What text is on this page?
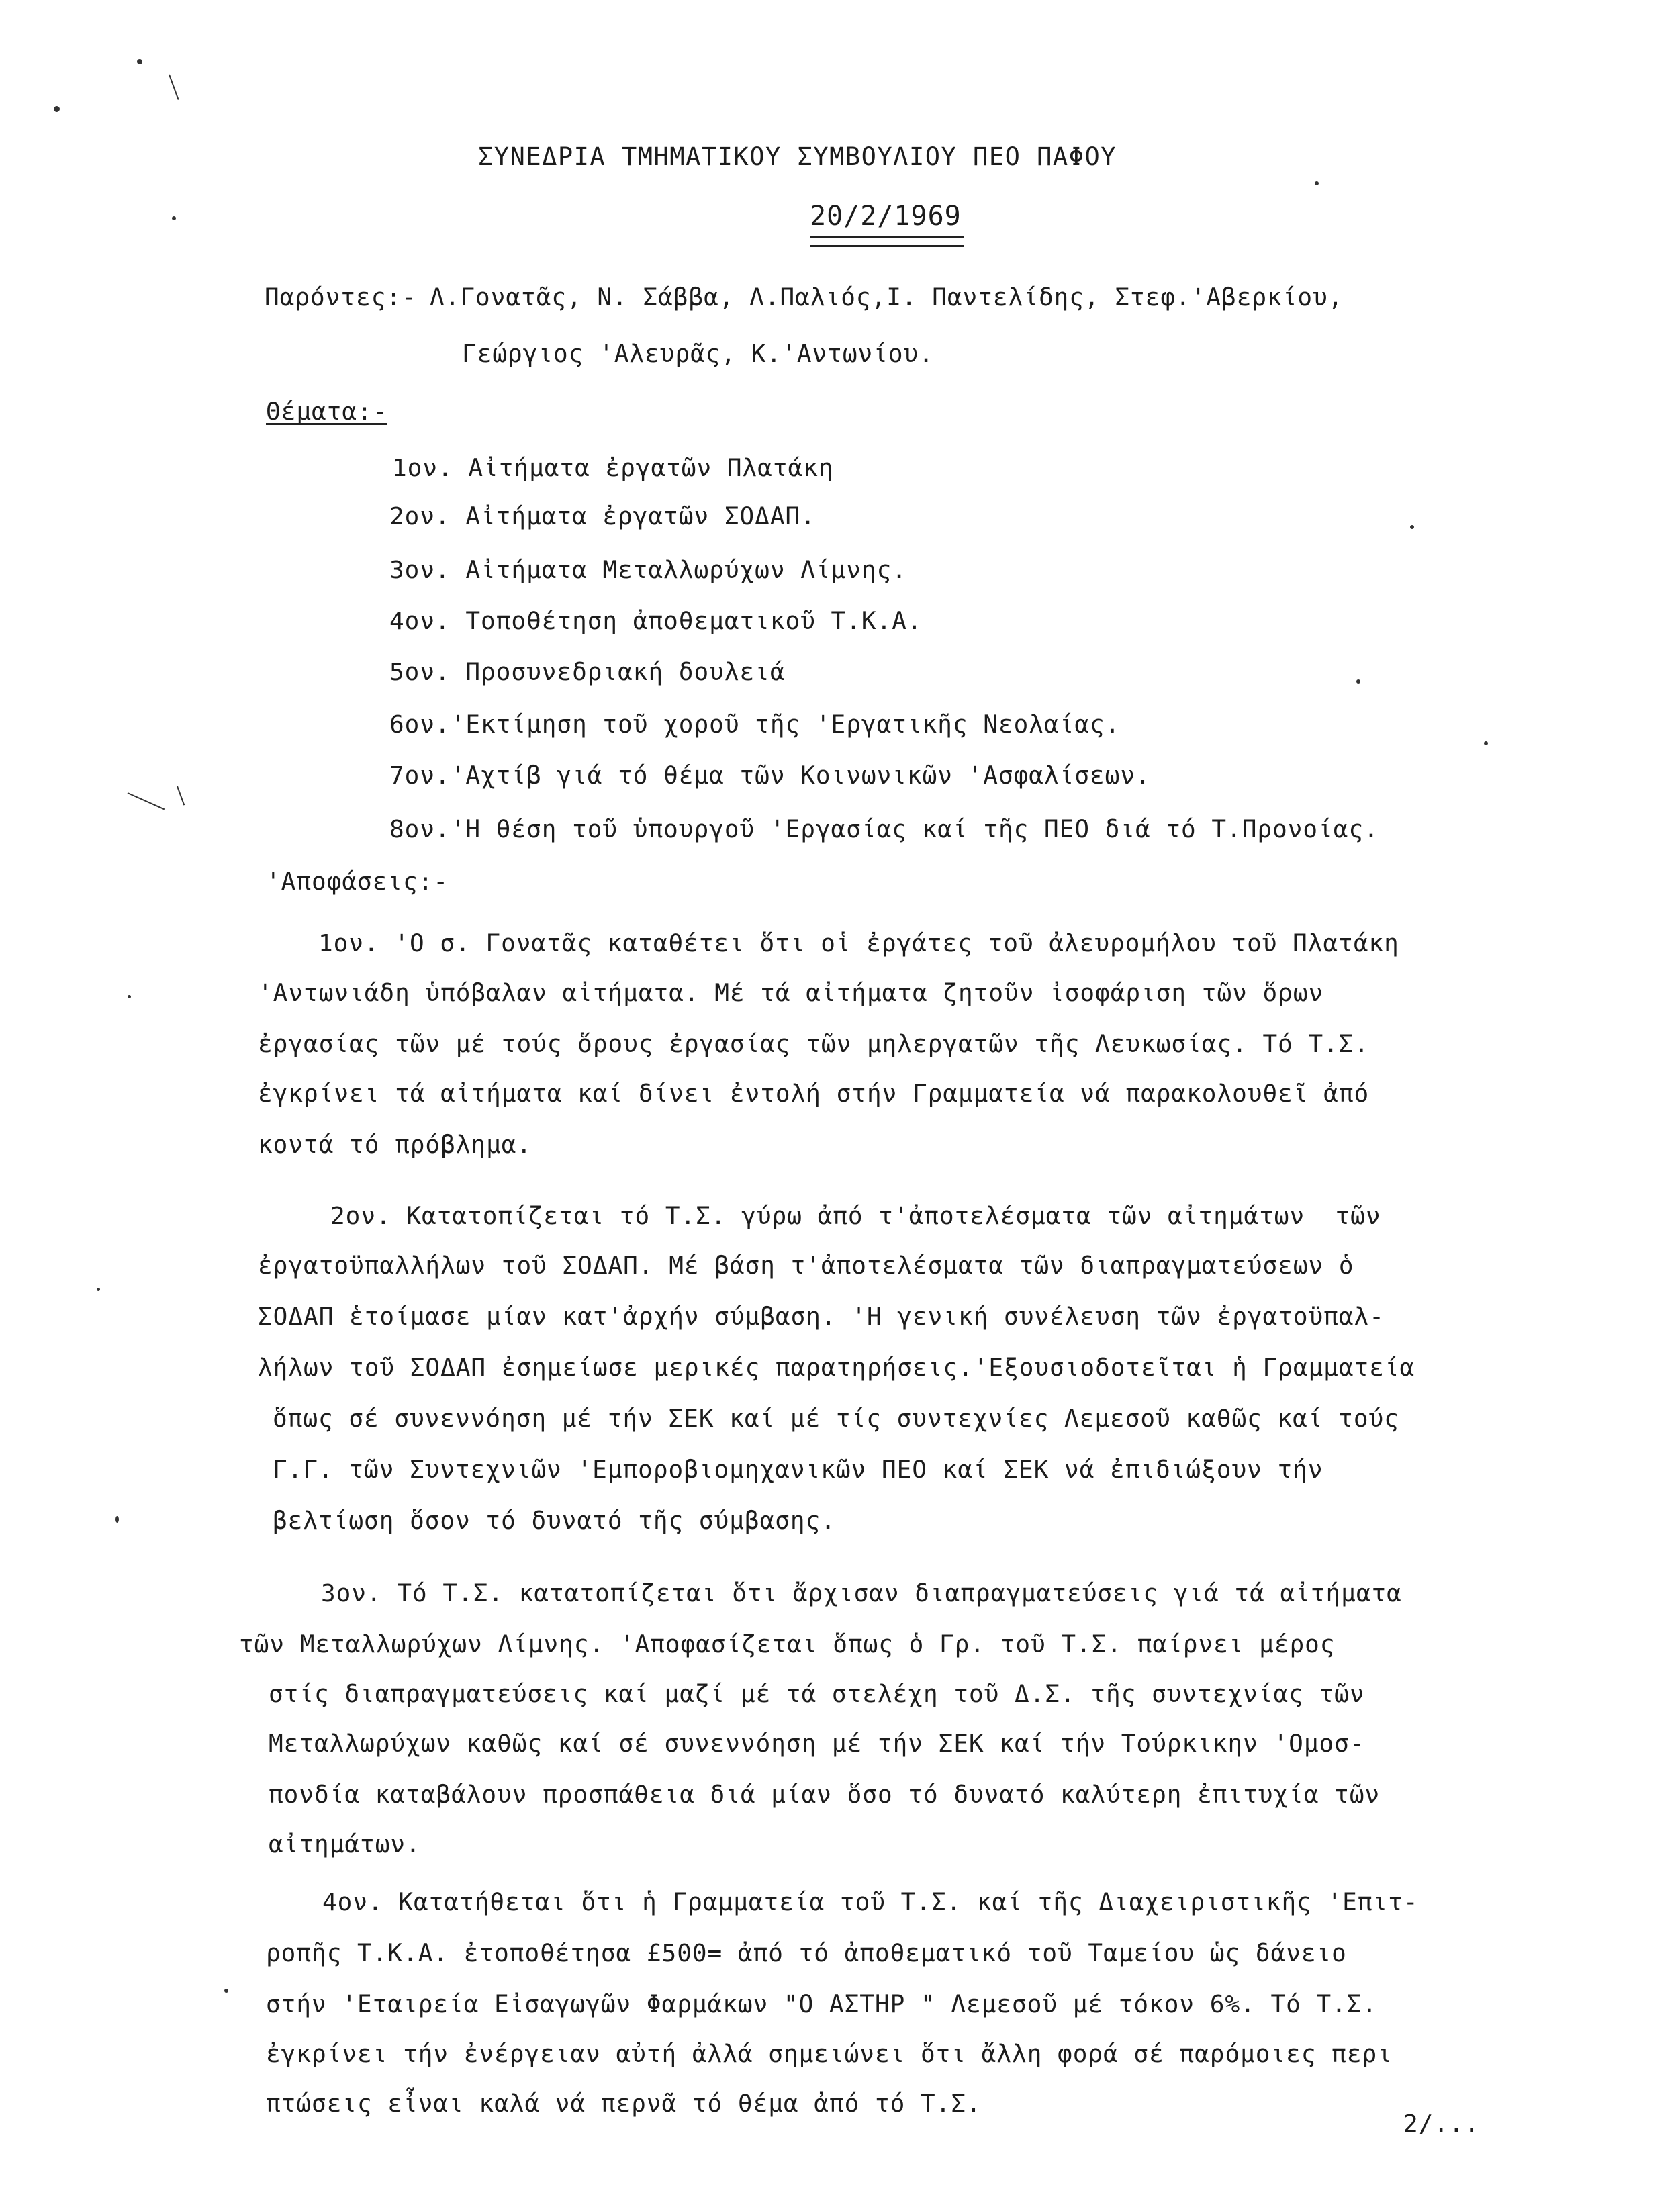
ΣΥΝΕΔΡΙΑ ΤΜΗΜΑΤΙΚΟΥ ΣΥΜΒΟΥΛΙΟΥ ΠΕΟ ΠΑΦΟΥ
20/2/1969
Παρόντες:- Λ.Γονατᾶς, Ν. Σάββα, Λ.Παλιός,Ι. Παντελίδης, Στεφ.'Αβερκίου,
Γεώργιος 'Αλευρᾶς, Κ.'Αντωνίου.
Θέματα:-
1ον. Αἰτήματα ἐργατῶν Πλατάκη
2ον. Αἰτήματα ἐργατῶν ΣΟΔΑΠ.
3ον. Αἰτήματα Μεταλλωρύχων Λίμνης.
4ον. Τοποθέτηση ἀποθεματικοῦ Τ.Κ.Α.
5ον. Προσυνεδριακή δουλειά
6ον.'Εκτίμηση τοῦ χοροῦ τῆς 'Εργατικῆς Νεολαίας.
7ον.'Αχτίβ γιά τό θέμα τῶν Κοινωνικῶν 'Ασφαλίσεων.
8ον.'Η θέση τοῦ ὑπουργοῦ 'Εργασίας καί τῆς ΠΕΟ διά τό Τ.Προνοίας.
'Αποφάσεις:-
1ον. 'Ο σ. Γονατᾶς καταθέτει ὅτι οἱ ἐργάτες τοῦ ἀλευρομήλου τοῦ Πλατάκη
'Αντωνιάδη ὑπόβαλαν αἰτήματα. Μέ τά αἰτήματα ζητοῦν ἰσοφάριση τῶν ὅρων
ἐργασίας τῶν μέ τούς ὅρους ἐργασίας τῶν μηλεργατῶν τῆς Λευκωσίας. Τό Τ.Σ.
ἐγκρίνει τά αἰτήματα καί δίνει ἐντολή στήν Γραμματεία νά παρακολουθεῖ ἀπό
κοντά τό πρόβλημα.
2ον. Κατατοπίζεται τό Τ.Σ. γύρω ἀπό τ'ἀποτελέσματα τῶν αἰτημάτων  τῶν
ἐργατοϋπαλλήλων τοῦ ΣΟΔΑΠ. Μέ βάση τ'ἀποτελέσματα τῶν διαπραγματεύσεων ὁ
ΣΟΔΑΠ ἑτοίμασε μίαν κατ'ἀρχήν σύμβαση. 'Η γενική συνέλευση τῶν ἐργατοϋπαλ-
λήλων τοῦ ΣΟΔΑΠ ἐσημείωσε μερικές παρατηρήσεις.'Εξουσιοδοτεῖται ἡ Γραμματεία
ὅπως σέ συνεννόηση μέ τήν ΣΕΚ καί μέ τίς συντεχνίες Λεμεσοῦ καθῶς καί τούς
Γ.Γ. τῶν Συντεχνιῶν 'Εμποροβιομηχανικῶν ΠΕΟ καί ΣΕΚ νά ἐπιδιώξουν τήν
βελτίωση ὅσον τό δυνατό τῆς σύμβασης.
3ον. Τό Τ.Σ. κατατοπίζεται ὅτι ἄρχισαν διαπραγματεύσεις γιά τά αἰτήματα
τῶν Μεταλλωρύχων Λίμνης. 'Αποφασίζεται ὅπως ὁ Γρ. τοῦ Τ.Σ. παίρνει μέρος
στίς διαπραγματεύσεις καί μαζί μέ τά στελέχη τοῦ Δ.Σ. τῆς συντεχνίας τῶν
Μεταλλωρύχων καθῶς καί σέ συνεννόηση μέ τήν ΣΕΚ καί τήν Τούρκικην 'Ομοσ-
πονδία καταβάλουν προσπάθεια διά μίαν ὅσο τό δυνατό καλύτερη ἐπιτυχία τῶν
αἰτημάτων.
4ον. Κατατήθεται ὅτι ἡ Γραμματεία τοῦ Τ.Σ. καί τῆς Διαχειριστικῆς 'Επιτ-
ροπῆς Τ.Κ.Α. ἐτοποθέτησα £500= ἀπό τό ἀποθεματικό τοῦ Ταμείου ὡς δάνειο
στήν 'Εταιρεία Εἰσαγωγῶν Φαρμάκων "Ο ΑΣΤΗΡ " Λεμεσοῦ μέ τόκον 6%. Τό Τ.Σ.
ἐγκρίνει τήν ἐνέργειαν αὐτή ἀλλά σημειώνει ὅτι ἄλλη φορά σέ παρόμοιες περι
πτώσεις εἶναι καλά νά περνᾶ τό θέμα ἀπό τό Τ.Σ.
2/...
